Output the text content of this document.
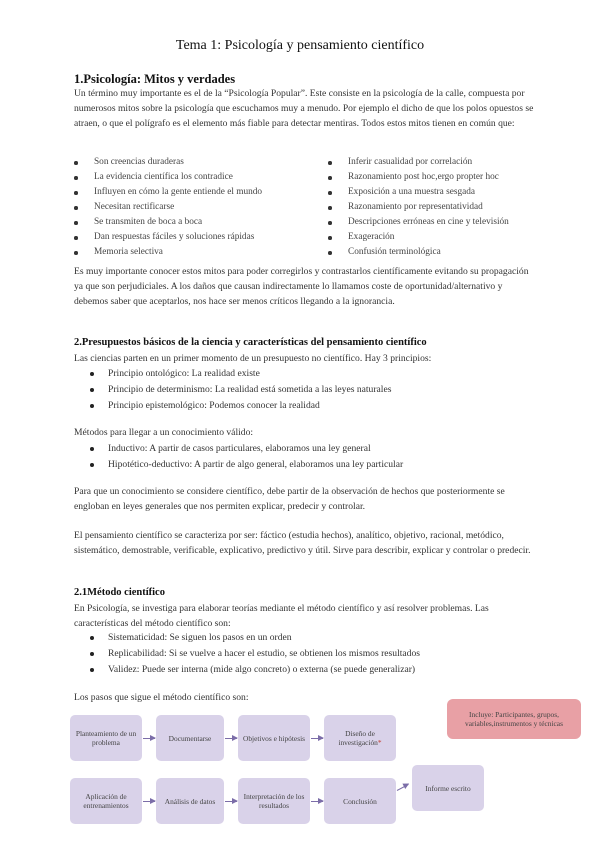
Tema 1: Psicología y pensamiento científico
1.Psicología: Mitos y verdades
Un término muy importante es el de la “Psicología Popular”. Este consiste en la psicología de la calle, compuesta por numerosos mitos sobre la psicología que escuchamos muy a menudo. Por ejemplo el dicho de que los polos opuestos se atraen, o que el polígrafo es el elemento más fiable para detectar mentiras. Todos estos mitos tienen en común que:
Son creencias duraderas	Inferir casualidad por correlación
La evidencia científica los contradice	Razonamiento post hoc,ergo propter hoc
Influyen en cómo la gente entiende el mundo	Exposición a una muestra sesgada
Necesitan rectificarse	Razonamiento por representatividad
Se transmiten de boca a boca	Descripciones erróneas en cine y televisión
Dan respuestas fáciles y soluciones rápidas	Exageración
Memoria selectiva	Confusión terminológica
Es muy importante conocer estos mitos para poder corregirlos y contrastarlos científicamente evitando su propagación ya que son perjudiciales. A los daños que causan indirectamente lo llamamos coste de oportunidad/alternativo y debemos saber que aceptarlos, nos hace ser menos críticos llegando a la ignorancia.
2.Presupuestos básicos de la ciencia y características del pensamiento científico
Las ciencias parten en un primer momento de un presupuesto no científico. Hay 3 principios:
Principio ontológico: La realidad existe
Principio de determinismo: La realidad está sometida a las leyes naturales
Principio epistemológico: Podemos conocer la realidad
Métodos para llegar a un conocimiento válido:
Inductivo: A partir de casos particulares, elaboramos una ley general
Hipotético-deductivo: A partir de algo general, elaboramos una ley particular
Para que un conocimiento se considere científico, debe partir de la observación de hechos que posteriormente se engloban en leyes generales que nos permiten explicar, predecir y controlar.
El pensamiento científico se caracteriza por ser: fáctico (estudia hechos), analítico, objetivo, racional, metódico, sistemático, demostrable, verificable, explicativo, predictivo y útil. Sirve para describir, explicar y controlar o predecir.
2.1Método científico
En Psicología, se investiga para elaborar teorías mediante el método científico y así resolver problemas. Las características del método científico son:
Sistematicidad: Se siguen los pasos en un orden
Replicabilidad: Si se vuelve a hacer el estudio, se obtienen los mismos resultados
Validez: Puede ser interna (mide algo concreto) o externa (se puede generalizar)
Los pasos que sigue el método científico son:
Planteamiento de un problema	Documentarse	Objetivos e hipótesis	Diseño de investigación*
Incluye: Participantes, grupos, variables,instrumentos y técnicas
Aplicación de entrenamientos	Análisis de datos	Interpretación de los resultados	Conclusión
Informe escrito
